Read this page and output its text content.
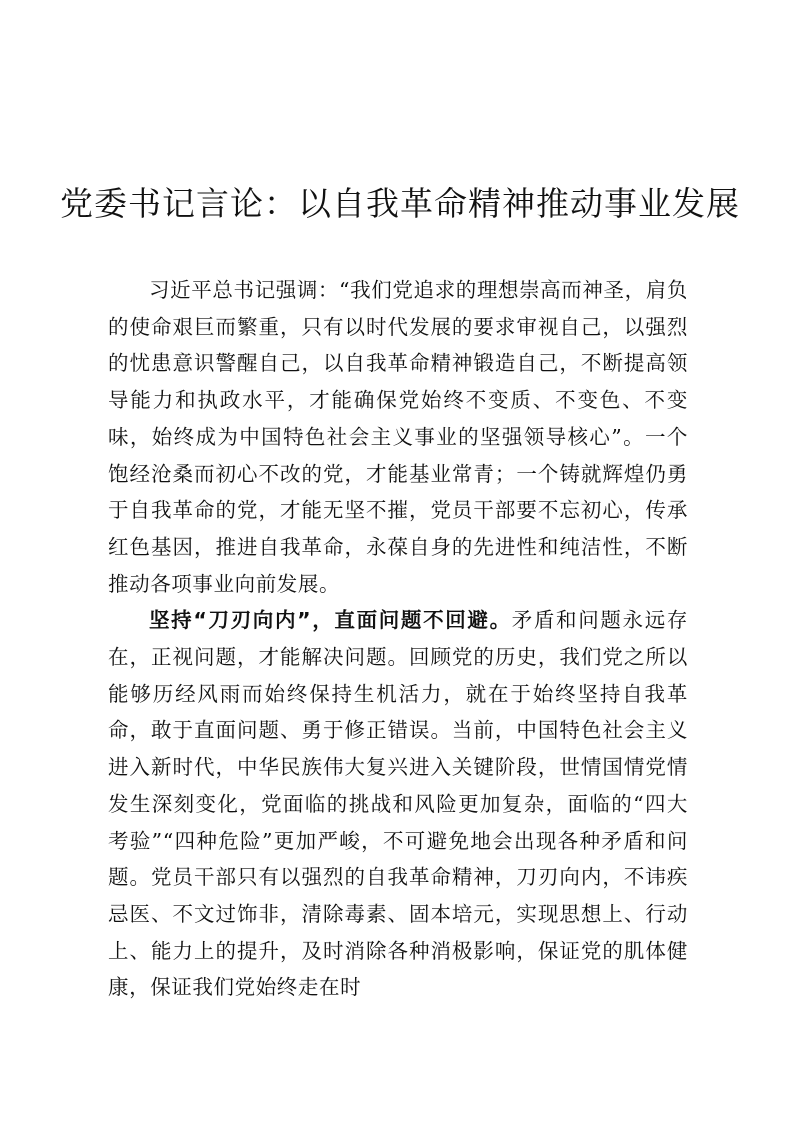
党委书记言论：以自我革命精神推动事业发展

习近平总书记强调：“我们党追求的理想崇高而神圣，肩负的使命艰巨而繁重，只有以时代发展的要求审视自己，以强烈的忧患意识警醒自己，以自我革命精神锻造自己，不断提高领导能力和执政水平，才能确保党始终不变质、不变色、不变味，始终成为中国特色社会主义事业的坚强领导核心”。一个饱经沧桑而初心不改的党，才能基业常青；一个铸就辉煌仍勇于自我革命的党，才能无坚不摧，党员干部要不忘初心，传承红色基因，推进自我革命，永葆自身的先进性和纯洁性，不断推动各项事业向前发展。

坚持“刀刃向内”，直面问题不回避。矛盾和问题永远存在，正视问题，才能解决问题。回顾党的历史，我们党之所以能够历经风雨而始终保持生机活力，就在于始终坚持自我革命，敢于直面问题、勇于修正错误。当前，中国特色社会主义进入新时代，中华民族伟大复兴进入关键阶段，世情国情党情发生深刻变化，党面临的挑战和风险更加复杂，面临的“四大考验”“四种危险”更加严峻，不可避免地会出现各种矛盾和问题。党员干部只有以强烈的自我革命精神，刀刃向内，不讳疾忌医、不文过饰非，清除毒素、固本培元，实现思想上、行动上、能力上的提升，及时消除各种消极影响，保证党的肌体健康，保证我们党始终走在时
